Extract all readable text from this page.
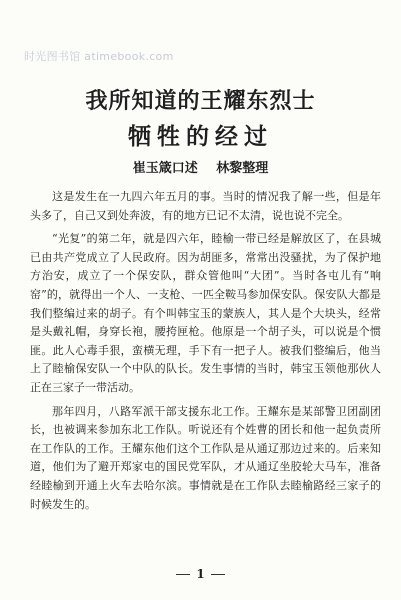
时光图书馆 atimebook.com
我所知道的王耀东烈士
牺牲的经过
崔玉箴口述 林黎整理

这是发生在一九四六年五月的事。当时的情况我了解一些，但是年头多了，自己又到处奔波，有的地方已记不太清，说也说不完全。

“光复”的第二年，就是四六年，睦榆一带已经是解放区了，在县城已由共产党成立了人民政府。因为胡匪多，常常出没骚扰，为了保护地方治安，成立了一个保安队，群众管他叫“大团”。当时各屯儿有“响窑”的，就得出一个人、一支枪、一匹全鞍马参加保安队。保安队大都是我们整编过来的胡子。有个叫韩宝玉的蒙族人，其人是个大块头，经常是头戴礼帽，身穿长袍，腰挎匣枪。他原是一个胡子头，可以说是个惯匪。此人心毒手狠，蛮横无理，手下有一把子人。被我们整编后，他当上了睦榆保安队一个中队的队长。发生事情的当时，韩宝玉领他那伙人正在三家子一带活动。

那年四月，八路军派干部支援东北工作。王耀东是某部警卫团副团长，也被调来参加东北工作队。听说还有个姓曹的团长和他一起负责所在工作队的工作。王耀东他们这个工作队是从通辽那边过来的。后来知道，他们为了避开郑家屯的国民党军队，才从通辽坐胶轮大马车，准备经睦榆到开通上火车去哈尔滨。事情就是在工作队去睦榆路经三家子的时候发生的。

1
